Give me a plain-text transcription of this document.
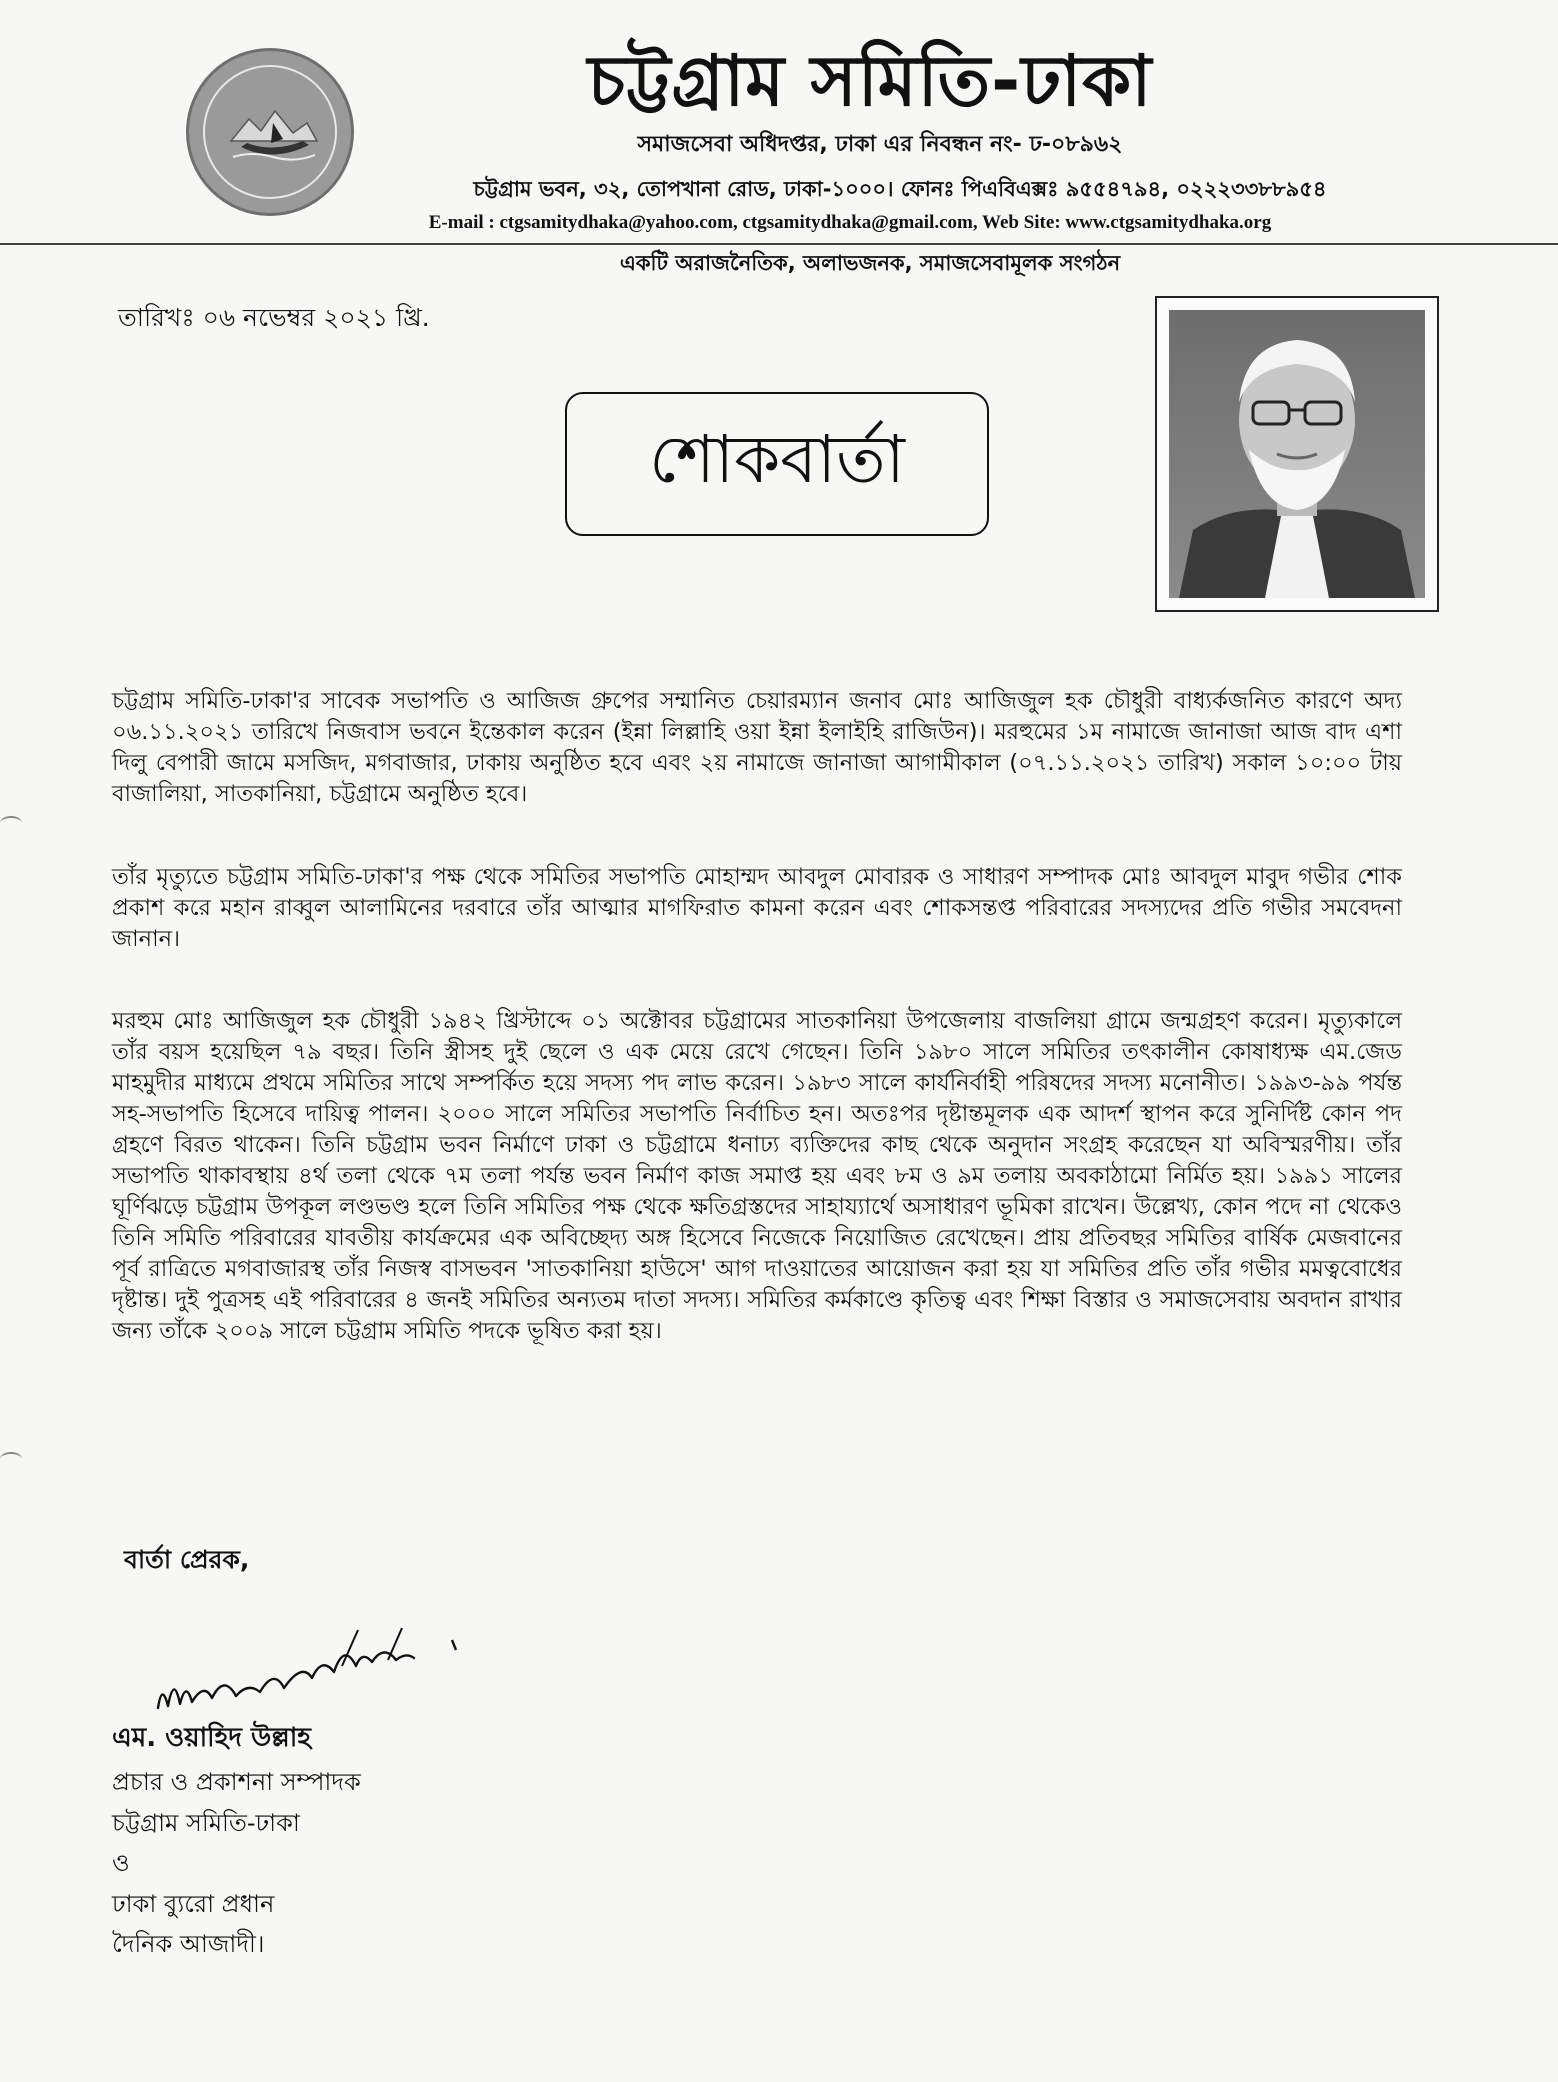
চট্টগ্রাম সমিতি-ঢাকা
সমাজসেবা অধিদপ্তর, ঢাকা এর নিবন্ধন নং- ঢ-০৮৯৬২
চট্টগ্রাম ভবন, ৩২, তোপখানা রোড, ঢাকা-১০০০। ফোনঃ পিএবিএক্সঃ ৯৫৫৪৭৯৪, ০২২২৩৩৮৮৯৫৪
E-mail : ctgsamitydhaka@yahoo.com, ctgsamitydhaka@gmail.com, Web Site: www.ctgsamitydhaka.org
একটি অরাজনৈতিক, অলাভজনক, সমাজসেবামূলক সংগঠন
তারিখঃ ০৬ নভেম্বর ২০২১ খ্রি.
শোকবার্তা
চট্টগ্রাম সমিতি-ঢাকা'র সাবেক সভাপতি ও আজিজ গ্রুপের সম্মানিত চেয়ারম্যান জনাব মোঃ আজিজুল হক চৌধুরী বাধ্যর্কজনিত কারণে অদ্য ০৬.১১.২০২১ তারিখে নিজবাস ভবনে ইন্তেকাল করেন (ইন্না লিল্লাহি ওয়া ইন্না ইলাইহি রাজিউন)। মরহুমের ১ম নামাজে জানাজা আজ বাদ এশা দিলু বেপারী জামে মসজিদ, মগবাজার, ঢাকায় অনুষ্ঠিত হবে এবং ২য় নামাজে জানাজা আগামীকাল (০৭.১১.২০২১ তারিখ) সকাল ১০:০০ টায় বাজালিয়া, সাতকানিয়া, চট্টগ্রামে অনুষ্ঠিত হবে।
তাঁর মৃত্যুতে চট্টগ্রাম সমিতি-ঢাকা'র পক্ষ থেকে সমিতির সভাপতি মোহাম্মদ আবদুল মোবারক ও সাধারণ সম্পাদক মোঃ আবদুল মাবুদ গভীর শোক প্রকাশ করে মহান রাব্বুল আলামিনের দরবারে তাঁর আত্মার মাগফিরাত কামনা করেন এবং শোকসন্তপ্ত পরিবারের সদস্যদের প্রতি গভীর সমবেদনা জানান।
মরহুম মোঃ আজিজুল হক চৌধুরী ১৯৪২ খ্রিস্টাব্দে ০১ অক্টোবর চট্টগ্রামের সাতকানিয়া উপজেলায় বাজলিয়া গ্রামে জন্মগ্রহণ করেন। মৃত্যুকালে তাঁর বয়স হয়েছিল ৭৯ বছর। তিনি স্ত্রীসহ দুই ছেলে ও এক মেয়ে রেখে গেছেন। তিনি ১৯৮০ সালে সমিতির তৎকালীন কোষাধ্যক্ষ এম.জেড মাহমুদীর মাধ্যমে প্রথমে সমিতির সাথে সম্পর্কিত হয়ে সদস্য পদ লাভ করেন। ১৯৮৩ সালে কার্যনির্বাহী পরিষদের সদস্য মনোনীত। ১৯৯৩-৯৯ পর্যন্ত সহ-সভাপতি হিসেবে দায়িত্ব পালন। ২০০০ সালে সমিতির সভাপতি নির্বাচিত হন। অতঃপর দৃষ্টান্তমূলক এক আদর্শ স্থাপন করে সুনির্দিষ্ট কোন পদ গ্রহণে বিরত থাকেন। তিনি চট্টগ্রাম ভবন নির্মাণে ঢাকা ও চট্টগ্রামে ধনাঢ্য ব্যক্তিদের কাছ থেকে অনুদান সংগ্রহ করেছেন যা অবিস্মরণীয়। তাঁর সভাপতি থাকাবস্থায় ৪র্থ তলা থেকে ৭ম তলা পর্যন্ত ভবন নির্মাণ কাজ সমাপ্ত হয় এবং ৮ম ও ৯ম তলায় অবকাঠামো নির্মিত হয়। ১৯৯১ সালের ঘূর্ণিঝড়ে চট্টগ্রাম উপকূল লণ্ডভণ্ড হলে তিনি সমিতির পক্ষ থেকে ক্ষতিগ্রস্তদের সাহায্যার্থে অসাধারণ ভূমিকা রাখেন। উল্লেখ্য, কোন পদে না থেকেও তিনি সমিতি পরিবারের যাবতীয় কার্যক্রমের এক অবিচ্ছেদ্য অঙ্গ হিসেবে নিজেকে নিয়োজিত রেখেছেন। প্রায় প্রতিবছর সমিতির বার্ষিক মেজবানের পূর্ব রাত্রিতে মগবাজারস্থ তাঁর নিজস্ব বাসভবন 'সাতকানিয়া হাউসে' আগ দাওয়াতের আয়োজন করা হয় যা সমিতির প্রতি তাঁর গভীর মমত্ববোধের দৃষ্টান্ত। দুই পুত্রসহ এই পরিবারের ৪ জনই সমিতির অন্যতম দাতা সদস্য। সমিতির কর্মকাণ্ডে কৃতিত্ব এবং শিক্ষা বিস্তার ও সমাজসেবায় অবদান রাখার জন্য তাঁকে ২০০৯ সালে চট্টগ্রাম সমিতি পদকে ভূষিত করা হয়।
বার্তা প্রেরক,
এম. ওয়াহিদ উল্লাহ
প্রচার ও প্রকাশনা সম্পাদক
চট্টগ্রাম সমিতি-ঢাকা
ও
ঢাকা ব্যুরো প্রধান
দৈনিক আজাদী।
